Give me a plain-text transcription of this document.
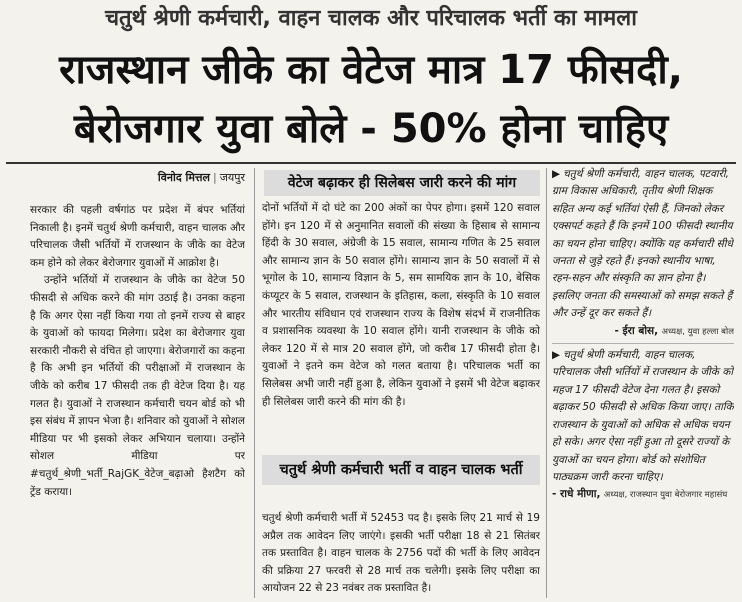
चतुर्थ श्रेणी कर्मचारी, वाहन चालक और परिचालक भर्ती का मामला
राजस्थान जीके का वेटेज मात्र 17 फीसदी,
बेरोजगार युवा बोले - 50% होना चाहिए
विनोद मित्तल | जयपुर

सरकार की पहली वर्षगांठ पर प्रदेश में बंपर भर्तियां निकाली है। इनमें चतुर्थ श्रेणी कर्मचारी, वाहन चालक और परिचालक जैसी भर्तियों में राजस्थान के जीके का वेटेज कम होने को लेकर बेरोजगार युवाओं में आक्रोश है।

उन्होंने भर्तियों में राजस्थान के जीके का वेटेज 50 फीसदी से अधिक करने की मांग उठाई है। उनका कहना है कि अगर ऐसा नहीं किया गया तो इनमें राज्य से बाहर के युवाओं को फायदा मिलेगा। प्रदेश का बेरोजगार युवा सरकारी नौकरी से वंचित हो जाएगा। बेरोजगारों का कहना है कि अभी इन भर्तियों की परीक्षाओं में राजस्थान के जीके को करीब 17 फीसदी तक ही वेटेज दिया है। यह गलत है। युवाओं ने राजस्थान कर्मचारी चयन बोर्ड को भी इस संबंध में ज्ञापन भेजा है। शनिवार को युवाओं ने सोशल मीडिया पर भी इसको लेकर अभियान चलाया। उन्होंने सोशल मीडिया पर #चतुर्थ_श्रेणी_भर्ती_RajGK_वेटेज_बढ़ाओ हैशटैग को ट्रेंड कराया।

वेटेज बढ़ाकर ही सिलेबस जारी करने की मांग

दोनों भर्तियों में दो घंटे का 200 अंकों का पेपर होगा। इसमें 120 सवाल होंगे। इन 120 में से अनुमानित सवालों की संख्या के हिसाब से सामान्य हिंदी के 30 सवाल, अंग्रेजी के 15 सवाल, सामान्य गणित के 25 सवाल और सामान्य ज्ञान के 50 सवाल होंगे। सामान्य ज्ञान के 50 सवालों में से भूगोल के 10, सामान्य विज्ञान के 5, सम सामयिक ज्ञान के 10, बेसिक कंप्यूटर के 5 सवाल, राजस्थान के इतिहास, कला, संस्कृति के 10 सवाल और भारतीय संविधान एवं राजस्थान राज्य के विशेष संदर्भ में राजनीतिक व प्रशासनिक व्यवस्था के 10 सवाल होंगे। यानी राजस्थान के जीके को लेकर 120 में से मात्र 20 सवाल होंगे, जो करीब 17 फीसदी होता है। युवाओं ने इतने कम वेटेज को गलत बताया है। परिचालक भर्ती का सिलेबस अभी जारी नहीं हुआ है, लेकिन युवाओं ने इसमें भी वेटेज बढ़ाकर ही सिलेबस जारी करने की मांग की है।

चतुर्थ श्रेणी कर्मचारी भर्ती व वाहन चालक भर्ती

चतुर्थ श्रेणी कर्मचारी भर्ती में 52453 पद है। इसके लिए 21 मार्च से 19 अप्रैल तक आवेदन लिए जाएंगे। इसकी भर्ती परीक्षा 18 से 21 सितंबर तक प्रस्तावित है। वाहन चालक के 2756 पदों की भर्ती के लिए आवेदन की प्रक्रिया 27 फरवरी से 28 मार्च तक चलेगी। इसके लिए परीक्षा का आयोजन 22 से 23 नवंबर तक प्रस्तावित है।

▶ चतुर्थ श्रेणी कर्मचारी, वाहन चालक, पटवारी, ग्राम विकास अधिकारी, तृतीय श्रेणी शिक्षक सहित अन्य कई भर्तियां ऐसी हैं, जिनको लेकर एक्सपर्ट कहते हैं कि इनमें 100 फीसदी स्थानीय का चयन होना चाहिए। क्योंकि यह कर्मचारी सीधे जनता से जुड़े रहते हैं। इनको स्थानीय भाषा, रहन-सहन और संस्कृति का ज्ञान होना है। इसलिए जनता की समस्याओं को समझ सकते हैं और उन्हें दूर कर सकते हैं।

- ईरा बोस, अध्यक्ष, युवा हल्ला बोल

▶ चतुर्थ श्रेणी कर्मचारी, वाहन चालक, परिचालक जैसी भर्तियों में राजस्थान के जीके को महज 17 फीसदी वेटेज देना गलत है। इसको बढ़ाकर 50 फीसदी से अधिक किया जाए। ताकि राजस्थान के युवाओं को अधिक से अधिक चयन हो सके। अगर ऐसा नहीं हुआ तो दूसरे राज्यों के युवाओं का चयन होगा। बोर्ड को संशोधित पाठ्यक्रम जारी करना चाहिए।

- राधे मीणा, अध्यक्ष, राजस्थान युवा बेरोजगार महासंघ
